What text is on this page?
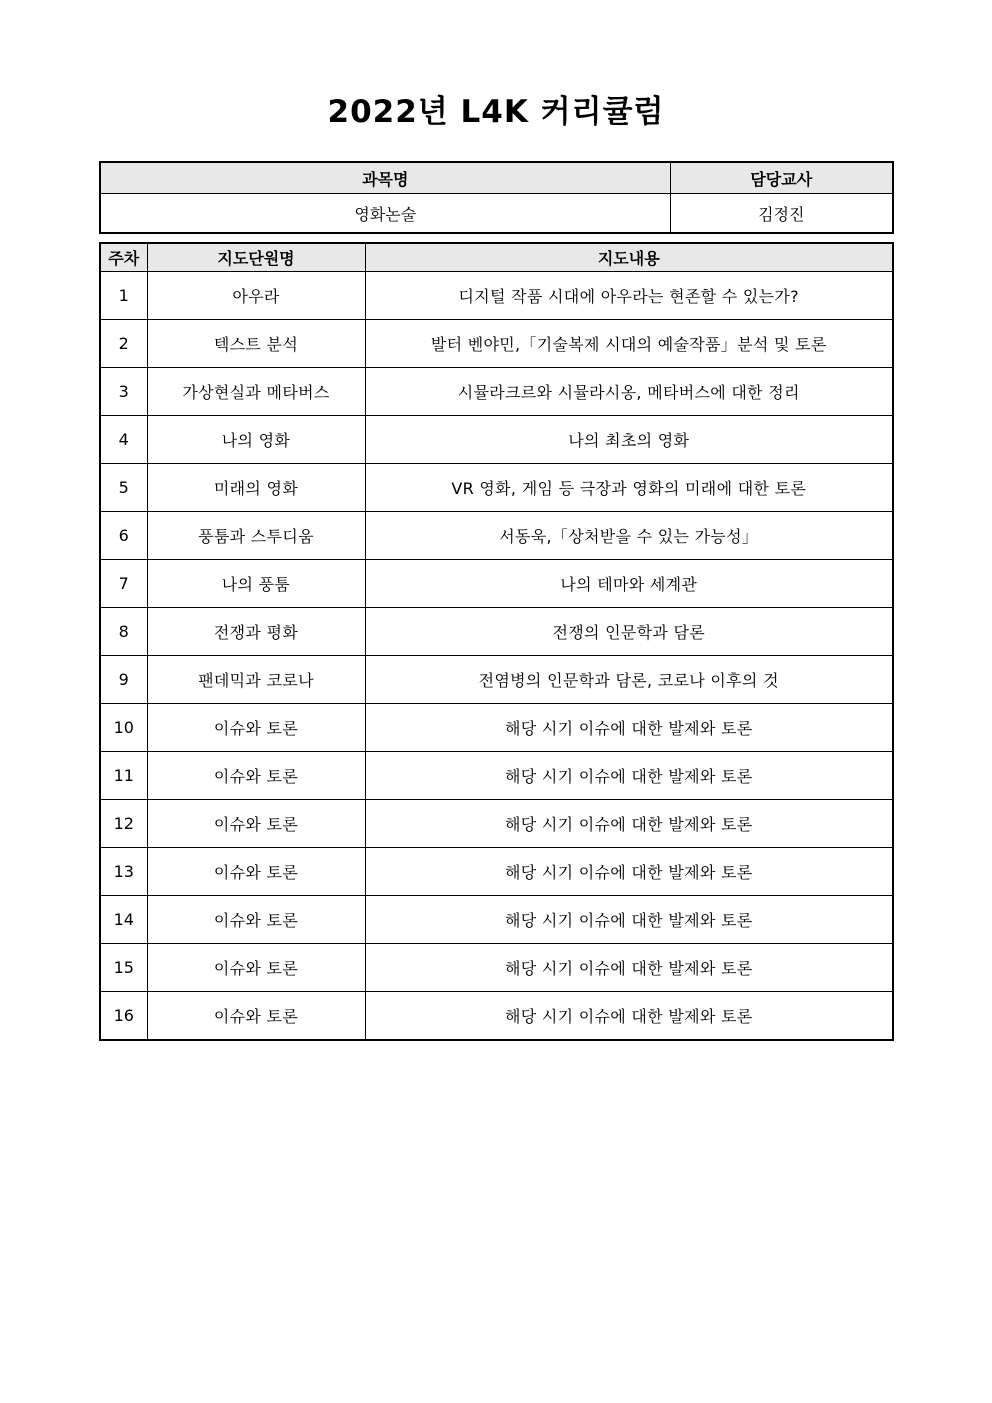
2022년 L4K 커리큘럼
과목명	담당교사
영화논술	김정진
주차	지도단원명	지도내용
1	아우라	디지털 작품 시대에 아우라는 현존할 수 있는가?
2	텍스트 분석	발터 벤야민,「기술복제 시대의 예술작품」분석 및 토론
3	가상현실과 메타버스	시뮬라크르와 시뮬라시옹, 메타버스에 대한 정리
4	나의 영화	나의 최초의 영화
5	미래의 영화	VR 영화, 게임 등 극장과 영화의 미래에 대한 토론
6	풍툼과 스투디움	서동욱,「상처받을 수 있는 가능성」
7	나의 풍툼	나의 테마와 세계관
8	전쟁과 평화	전쟁의 인문학과 담론
9	팬데믹과 코로나	전염병의 인문학과 담론, 코로나 이후의 것
10	이슈와 토론	해당 시기 이슈에 대한 발제와 토론
11	이슈와 토론	해당 시기 이슈에 대한 발제와 토론
12	이슈와 토론	해당 시기 이슈에 대한 발제와 토론
13	이슈와 토론	해당 시기 이슈에 대한 발제와 토론
14	이슈와 토론	해당 시기 이슈에 대한 발제와 토론
15	이슈와 토론	해당 시기 이슈에 대한 발제와 토론
16	이슈와 토론	해당 시기 이슈에 대한 발제와 토론
